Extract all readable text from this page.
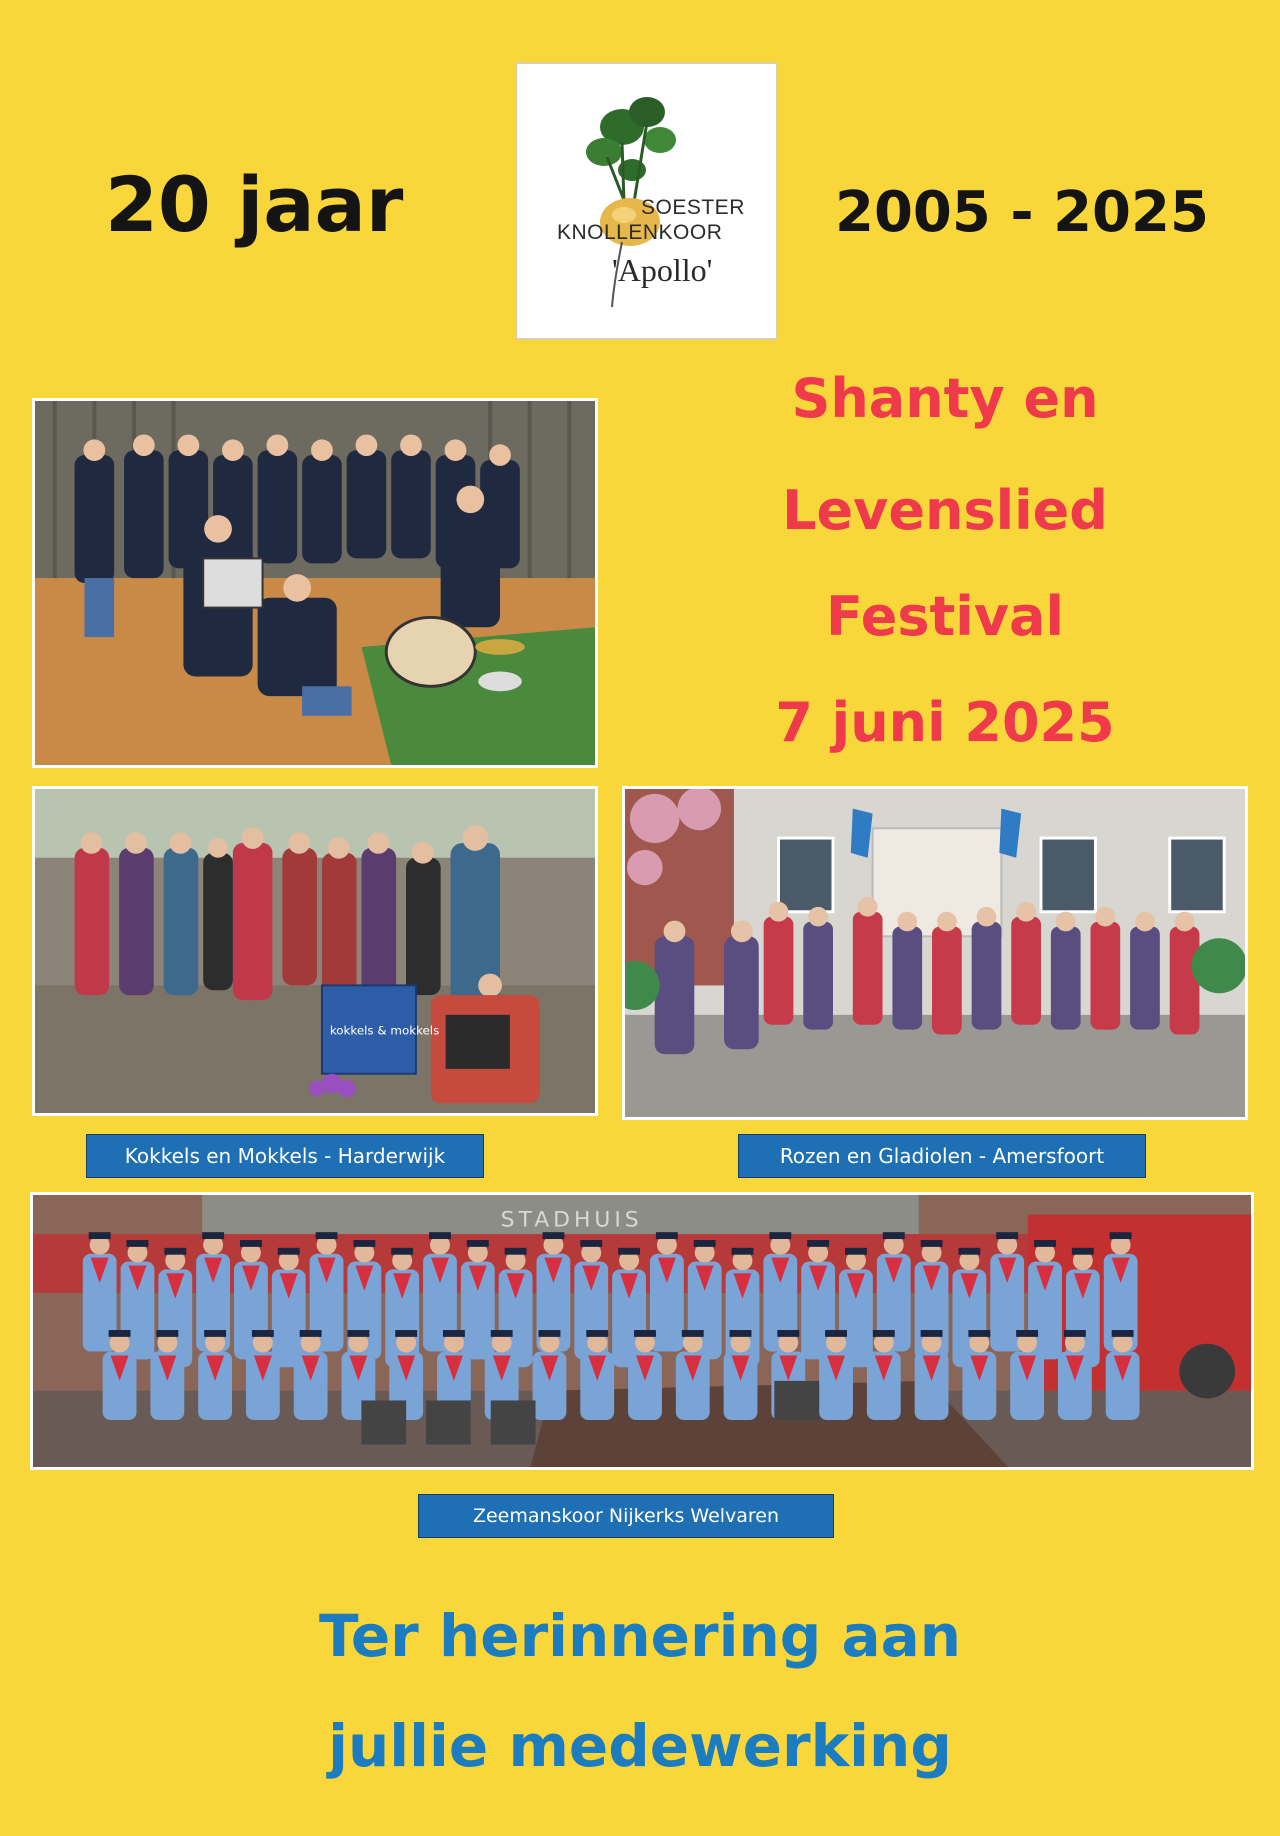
20 jaar	2005 - 2025
SOESTER
KNOLLENKOOR
'Apollo'
Shanty en
Levenslied
Festival
7 juni 2025
kokkels & mokkels
Kokkels en Mokkels - Harderwijk	Rozen en Gladiolen - Amersfoort
STADHUIS
Zeemanskoor Nijkerks Welvaren
Ter herinnering aan
jullie medewerking
